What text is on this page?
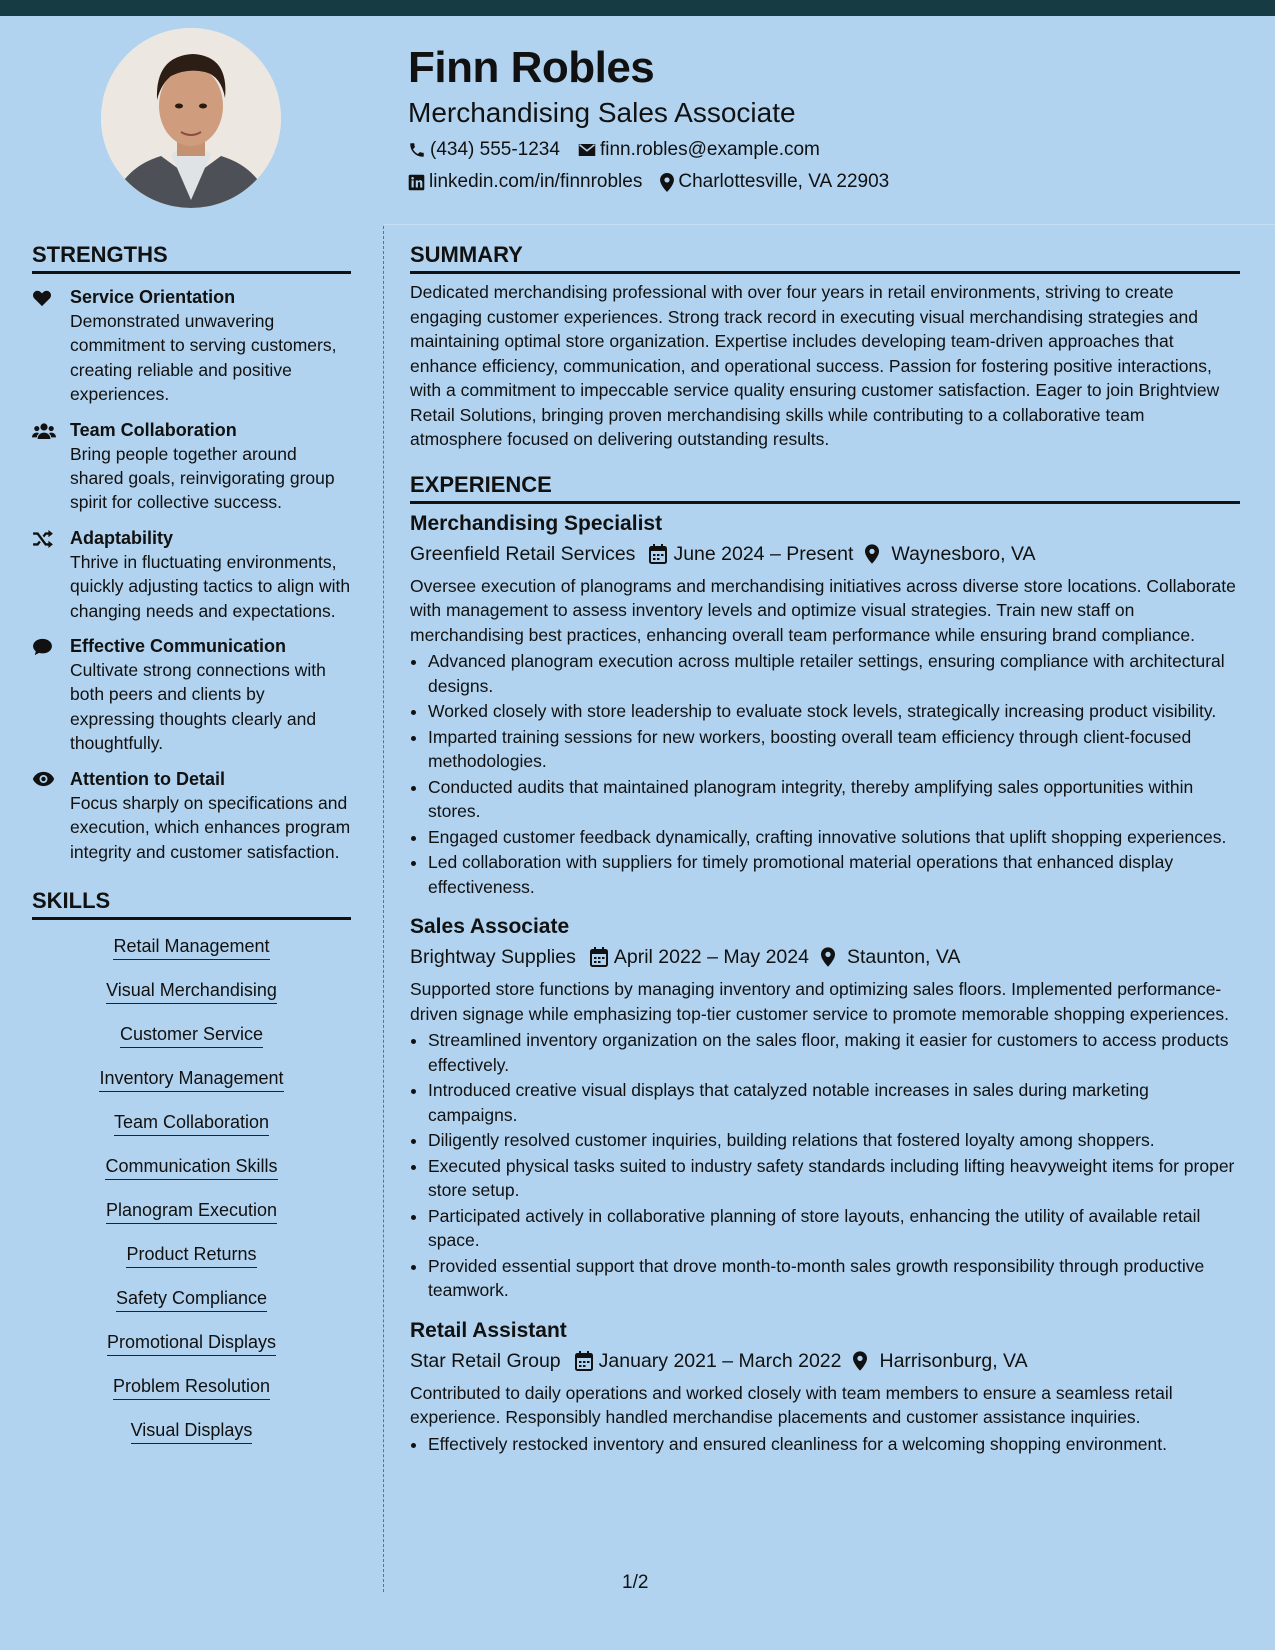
Finn Robles

Merchandising Sales Associate

(434) 555-1234 finn.robles@example.com
linkedin.com/in/finnrobles Charlottesville, VA 22903
STRENGTHS
Service Orientation
Demonstrated unwavering commitment to serving customers, creating reliable and positive experiences.
Team Collaboration
Bring people together around shared goals, reinvigorating group spirit for collective success.
Adaptability
Thrive in fluctuating environments, quickly adjusting tactics to align with changing needs and expectations.
Effective Communication
Cultivate strong connections with both peers and clients by expressing thoughts clearly and thoughtfully.
Attention to Detail
Focus sharply on specifications and execution, which enhances program integrity and customer satisfaction.
SKILLS
Retail Management
Visual Merchandising
Customer Service
Inventory Management
Team Collaboration
Communication Skills
Planogram Execution
Product Returns
Safety Compliance
Promotional Displays
Problem Resolution
Visual Displays
SUMMARY

Dedicated merchandising professional with over four years in retail environments, striving to create engaging customer experiences. Strong track record in executing visual merchandising strategies and maintaining optimal store organization. Expertise includes developing team-driven approaches that enhance efficiency, communication, and operational success. Passion for fostering positive interactions, with a commitment to impeccable service quality ensuring customer satisfaction. Eager to join Brightview Retail Solutions, bringing proven merchandising skills while contributing to a collaborative team atmosphere focused on delivering outstanding results.

EXPERIENCE
Merchandising Specialist
Greenfield Retail Services June 2024 – Present Waynesboro, VA

Oversee execution of planograms and merchandising initiatives across diverse store locations. Collaborate with management to assess inventory levels and optimize visual strategies. Train new staff on merchandising best practices, enhancing overall team performance while ensuring brand compliance.

• Advanced planogram execution across multiple retailer settings, ensuring compliance with architectural designs.
• Worked closely with store leadership to evaluate stock levels, strategically increasing product visibility.
• Imparted training sessions for new workers, boosting overall team efficiency through client-focused methodologies.
• Conducted audits that maintained planogram integrity, thereby amplifying sales opportunities within stores.
• Engaged customer feedback dynamically, crafting innovative solutions that uplift shopping experiences.
• Led collaboration with suppliers for timely promotional material operations that enhanced display effectiveness.
Sales Associate
Brightway Supplies April 2022 – May 2024 Staunton, VA

Supported store functions by managing inventory and optimizing sales floors. Implemented performance-driven signage while emphasizing top-tier customer service to promote memorable shopping experiences.

• Streamlined inventory organization on the sales floor, making it easier for customers to access products effectively.
• Introduced creative visual displays that catalyzed notable increases in sales during marketing campaigns.
• Diligently resolved customer inquiries, building relations that fostered loyalty among shoppers.
• Executed physical tasks suited to industry safety standards including lifting heavyweight items for proper store setup.
• Participated actively in collaborative planning of store layouts, enhancing the utility of available retail space.
• Provided essential support that drove month-to-month sales growth responsibility through productive teamwork.
Retail Assistant
Star Retail Group January 2021 – March 2022 Harrisonburg, VA

Contributed to daily operations and worked closely with team members to ensure a seamless retail experience. Responsibly handled merchandise placements and customer assistance inquiries.

• Effectively restocked inventory and ensured cleanliness for a welcoming shopping environment.
1/2
